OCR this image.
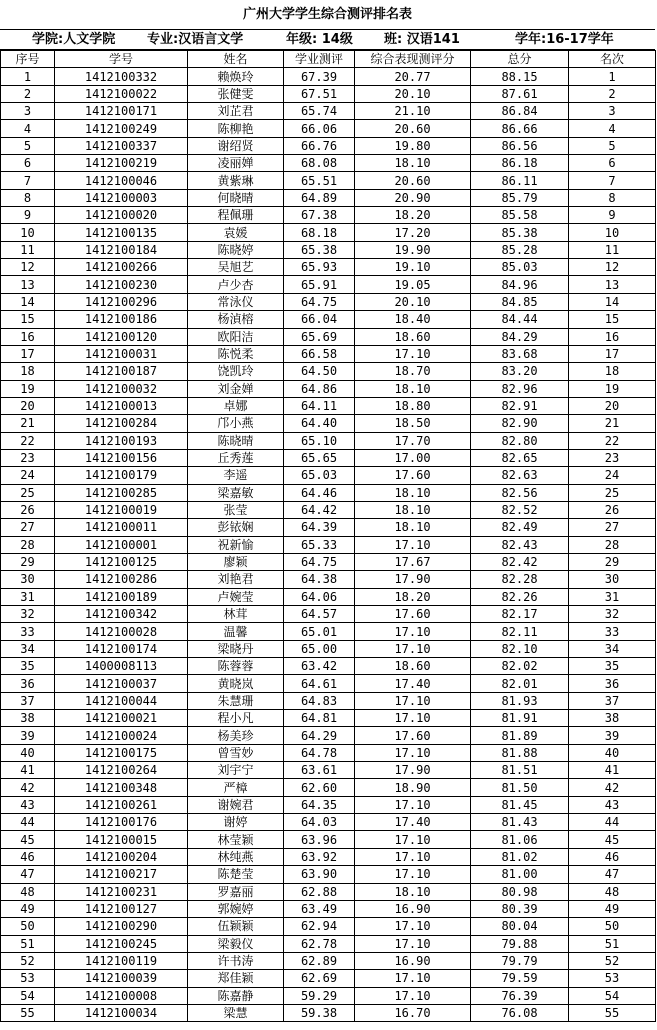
广州大学学生综合测评排名表
学院:人文学院 专业:汉语言文学	年级: 14级 班: 汉语141	学年:16-17学年
序号	学号	姓名	学业测评	综合表现测评分	总分	名次
1	1412100332	赖焕玲	67.39	20.77	88.15	1
2	1412100022	张健雯	67.51	20.10	87.61	2
3	1412100171	刘芷君	65.74	21.10	86.84	3
4	1412100249	陈柳艳	66.06	20.60	86.66	4
5	1412100337	谢绍贤	66.76	19.80	86.56	5
6	1412100219	凌丽婵	68.08	18.10	86.18	6
7	1412100046	黄紫琳	65.51	20.60	86.11	7
8	1412100003	何晓晴	64.89	20.90	85.79	8
9	1412100020	程佩珊	67.38	18.20	85.58	9
10	1412100135	袁媛	68.18	17.20	85.38	10
11	1412100184	陈晓婷	65.38	19.90	85.28	11
12	1412100266	吴旭艺	65.93	19.10	85.03	12
13	1412100230	卢少杏	65.91	19.05	84.96	13
14	1412100296	常泳仪	64.75	20.10	84.85	14
15	1412100186	杨湞榕	66.04	18.40	84.44	15
16	1412100120	欧阳洁	65.69	18.60	84.29	16
17	1412100031	陈悦柔	66.58	17.10	83.68	17
18	1412100187	饶凯玲	64.50	18.70	83.20	18
19	1412100032	刘金婵	64.86	18.10	82.96	19
20	1412100013	卓娜	64.11	18.80	82.91	20
21	1412100284	邝小燕	64.40	18.50	82.90	21
22	1412100193	陈晓晴	65.10	17.70	82.80	22
23	1412100156	丘秀莲	65.65	17.00	82.65	23
24	1412100179	李遥	65.03	17.60	82.63	24
25	1412100285	梁嘉敏	64.46	18.10	82.56	25
26	1412100019	张莹	64.42	18.10	82.52	26
27	1412100011	彭铱娴	64.39	18.10	82.49	27
28	1412100001	祝新愉	65.33	17.10	82.43	28
29	1412100125	廖颖	64.75	17.67	82.42	29
30	1412100286	刘艳君	64.38	17.90	82.28	30
31	1412100189	卢婉莹	64.06	18.20	82.26	31
32	1412100342	林茸	64.57	17.60	82.17	32
33	1412100028	温馨	65.01	17.10	82.11	33
34	1412100174	梁晓丹	65.00	17.10	82.10	34
35	1400008113	陈蓉蓉	63.42	18.60	82.02	35
36	1412100037	黄晓岚	64.61	17.40	82.01	36
37	1412100044	朱慧珊	64.83	17.10	81.93	37
38	1412100021	程小凡	64.81	17.10	81.91	38
39	1412100024	杨美珍	64.29	17.60	81.89	39
40	1412100175	曾雪妙	64.78	17.10	81.88	40
41	1412100264	刘宇宁	63.61	17.90	81.51	41
42	1412100348	严樟	62.60	18.90	81.50	42
43	1412100261	谢婉君	64.35	17.10	81.45	43
44	1412100176	谢婷	64.03	17.40	81.43	44
45	1412100015	林莹颖	63.96	17.10	81.06	45
46	1412100204	林纯燕	63.92	17.10	81.02	46
47	1412100217	陈楚莹	63.90	17.10	81.00	47
48	1412100231	罗嘉丽	62.88	18.10	80.98	48
49	1412100127	郭婉婷	63.49	16.90	80.39	49
50	1412100290	伍颖颖	62.94	17.10	80.04	50
51	1412100245	梁毅仪	62.78	17.10	79.88	51
52	1412100119	许书涛	62.89	16.90	79.79	52
53	1412100039	郑佳颖	62.69	17.10	79.59	53
54	1412100008	陈嘉静	59.29	17.10	76.39	54
55	1412100034	梁慧	59.38	16.70	76.08	55
